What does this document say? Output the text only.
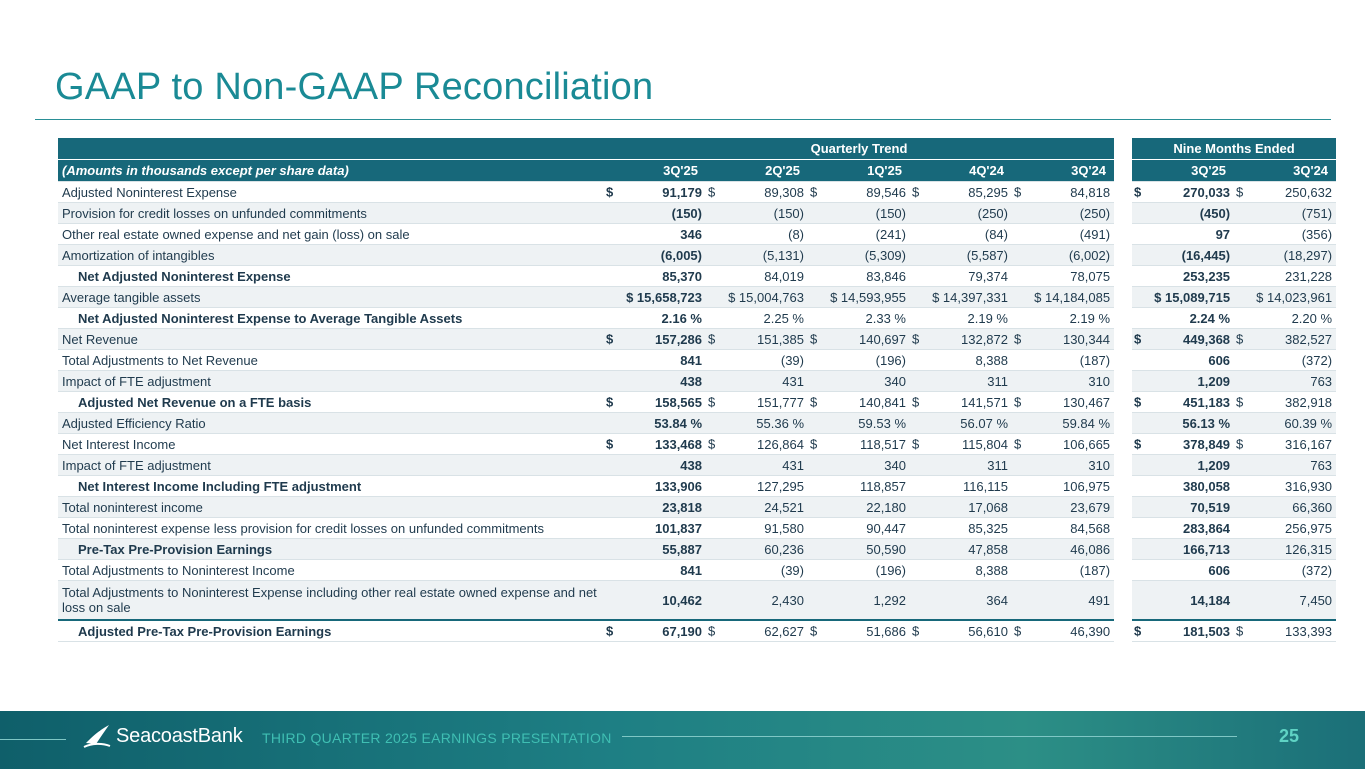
GAAP to Non-GAAP Reconciliation
	Quarterly Trend						Nine Months Ended	
(Amounts in thousands except per share data)	3Q'25	2Q'25	1Q'25	4Q'24	3Q'24		3Q'25	3Q'24
Adjusted Noninterest Expense	$ 91,179	$ 89,308	$ 89,546	$ 85,295	$ 84,818		$ 270,033	$ 250,632
Provision for credit losses on unfunded commitments	(150)	(150)	(150)	(250)	(250)		(450)	(751)
Other real estate owned expense and net gain (loss) on sale	346	(8)	(241)	(84)	(491)		97	(356)
Amortization of intangibles	(6,005)	(5,131)	(5,309)	(5,587)	(6,002)		(16,445)	(18,297)
Net Adjusted Noninterest Expense	85,370	84,019	83,846	79,374	78,075		253,235	231,228
Average tangible assets	$ 15,658,723	$ 15,004,763	$ 14,593,955	$ 14,397,331	$ 14,184,085		$ 15,089,715	$ 14,023,961
Net Adjusted Noninterest Expense to Average Tangible Assets	2.16 %	2.25 %	2.33 %	2.19 %	2.19 %		2.24 %	2.20 %
Net Revenue	$ 157,286	$ 151,385	$ 140,697	$ 132,872	$ 130,344		$ 449,368	$ 382,527
Total Adjustments to Net Revenue	841	(39)	(196)	8,388	(187)		606	(372)
Impact of FTE adjustment	438	431	340	311	310		1,209	763
Adjusted Net Revenue on a FTE basis	$ 158,565	$ 151,777	$ 140,841	$ 141,571	$ 130,467		$ 451,183	$ 382,918
Adjusted Efficiency Ratio	53.84 %	55.36 %	59.53 %	56.07 %	59.84 %		56.13 %	60.39 %
Net Interest Income	$ 133,468	$ 126,864	$ 118,517	$ 115,804	$ 106,665		$ 378,849	$ 316,167
Impact of FTE adjustment	438	431	340	311	310		1,209	763
Net Interest Income Including FTE adjustment	133,906	127,295	118,857	116,115	106,975		380,058	316,930
Total noninterest income	23,818	24,521	22,180	17,068	23,679		70,519	66,360
Total noninterest expense less provision for credit losses on unfunded commitments	101,837	91,580	90,447	85,325	84,568		283,864	256,975
Pre-Tax Pre-Provision Earnings	55,887	60,236	50,590	47,858	46,086		166,713	126,315
Total Adjustments to Noninterest Income	841	(39)	(196)	8,388	(187)		606	(372)
Total Adjustments to Noninterest Expense including other real estate owned expense and net loss on sale	10,462	2,430	1,292	364	491		14,184	7,450
Adjusted Pre-Tax Pre-Provision Earnings	$ 67,190	$ 62,627	$ 51,686	$ 56,610	$ 46,390		$ 181,503	$ 133,393
SeacoastBank THIRD QUARTER 2025 EARNINGS PRESENTATION	25
